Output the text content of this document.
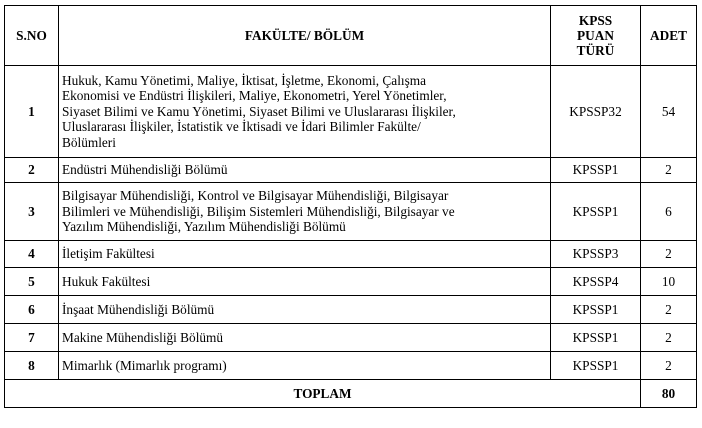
S.NO	FAKÜLTE/ BÖLÜM	KPSS
PUAN
TÜRÜ	ADET
1	Hukuk, Kamu Yönetimi, Maliye, İktisat, İşletme, Ekonomi, Çalışma
Ekonomisi ve Endüstri İlişkileri, Maliye, Ekonometri, Yerel Yönetimler,
Siyaset Bilimi ve Kamu Yönetimi, Siyaset Bilimi ve Uluslararası İlişkiler,
Uluslararası İlişkiler, İstatistik ve İktisadi ve İdari Bilimler Fakülte/
Bölümleri	KPSSP32	54
2	Endüstri Mühendisliği Bölümü	KPSSP1	2
3	Bilgisayar Mühendisliği, Kontrol ve Bilgisayar Mühendisliği, Bilgisayar
Bilimleri ve Mühendisliği, Bilişim Sistemleri Mühendisliği, Bilgisayar ve
Yazılım Mühendisliği, Yazılım Mühendisliği Bölümü	KPSSP1	6
4	İletişim Fakültesi	KPSSP3	2
5	Hukuk Fakültesi	KPSSP4	10
6	İnşaat Mühendisliği Bölümü	KPSSP1	2
7	Makine Mühendisliği Bölümü	KPSSP1	2
8	Mimarlık (Mimarlık programı)	KPSSP1	2
TOPLAM			80
